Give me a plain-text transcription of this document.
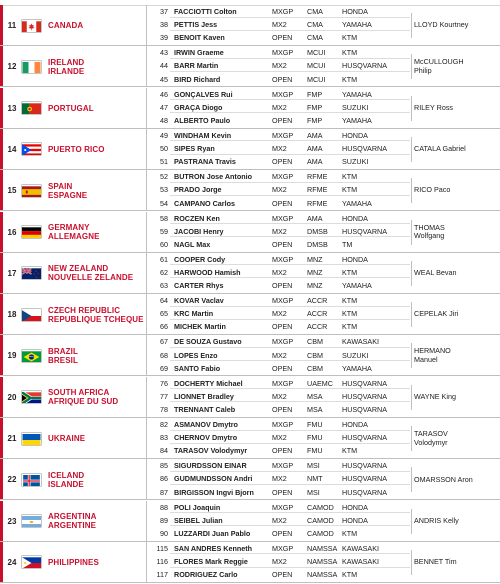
11	CANADA
37 FACCIOTTI Colton	MXGP CMA	HONDA
38 PETTIS Jess	MX2	CMA	YAMAHA
39 BENOIT Kaven	OPEN CMA	KTM
LLOYD Kourtney
12	IRELAND
IRLANDE
43 IRWIN Graeme	MXGP MCUI KTM
44 BARR Martin	MX2	MCUI HUSQVARNA
45 BIRD Richard	OPEN MCUI KTM
McCULLOUGH
Philip
13	PORTUGAL
46 GONÇALVES Rui	MXGP FMP	YAMAHA
47 GRAÇA Diogo	MX2	FMP	SUZUKI
48 ALBERTO Paulo	OPEN FMP	YAMAHA
RILEY Ross
14	PUERTO RICO
49 WINDHAM Kevin	MXGP AMA	HONDA
50 SIPES Ryan	MX2	AMA	HUSQVARNA
51 PASTRANA Travis	OPEN AMA	SUZUKI
CATALA Gabriel
15	SPAIN
ESPAGNE
52 BUTRON Jose Antonio	MXGP RFME KTM
53 PRADO Jorge	MX2	RFME KTM
54 CAMPANO Carlos	OPEN RFME YAMAHA
RICO Paco
16	GERMANY
ALLEMAGNE
58 ROCZEN Ken	MXGP AMA	HONDA
59 JACOBI Henry	MX2	DMSB HUSQVARNA
60 NAGL Max	OPEN DMSB TM
THOMAS
Wolfgang
17	NEW ZEALAND
NOUVELLE ZELANDE
61 COOPER Cody	MXGP MNZ	HONDA
62 HARWOOD Hamish	MX2	MNZ	KTM
63 CARTER Rhys	OPEN MNZ	YAMAHA
WEAL Bevan
18	CZECH REPUBLIC
REPUBLIQUE TCHEQUE
64 KOVAR Vaclav	MXGP ACCR KTM
65 KRC Martin	MX2	ACCR KTM
66 MICHEK Martin	OPEN ACCR KTM
CEPELAK Jiri
19	BRAZIL
BRESIL
67 DE SOUZA Gustavo	MXGP CBM	KAWASAKI
68 LOPES Enzo	MX2	CBM	SUZUKI
69 SANTO Fabio	OPEN CBM	YAMAHA
HERMANO
Manuel
20	SOUTH AFRICA
AFRIQUE DU SUD
76 DOCHERTY Michael	MXGP UAEMC HUSQVARNA
77 LIONNET Bradley	MX2	MSA	HUSQVARNA
78 TRENNANT Caleb	OPEN MSA	HUSQVARNA
WAYNE King
21	UKRAINE
82 ASMANOV Dmytro	MXGP FMU	HONDA
83 CHERNOV Dmytro	MX2	FMU	HUSQVARNA
84 TARASOV Volodymyr	OPEN FMU	KTM
TARASOV
Volodymyr
22	ICELAND
ISLANDE
85 SIGURDSSON EINAR	MXGP MSI	HUSQVARNA
86 GUDMUNDSSON Andri	MX2	NMT	HUSQVARNA
87 BIRGISSON Ingvi Bjorn	OPEN MSI	HUSQVARNA
OMARSSON Aron
23	ARGENTINA
ARGENTINE
88 POLI Joaquin	MXGP CAMOD HONDA
89 SEIBEL Julian	MX2	CAMOD HONDA
90 LUZZARDI Juan Pablo	OPEN CAMOD KTM
ANDRIS Kelly
24	PHILIPPINES
115 SAN ANDRES Kenneth	MXGP NAMSSA KAWASAKI
116 FLORES Mark Reggie	MX2	NAMSSA KAWASAKI
117 RODRIGUEZ Carlo	OPEN NAMSSA KTM
BENNET Tim
